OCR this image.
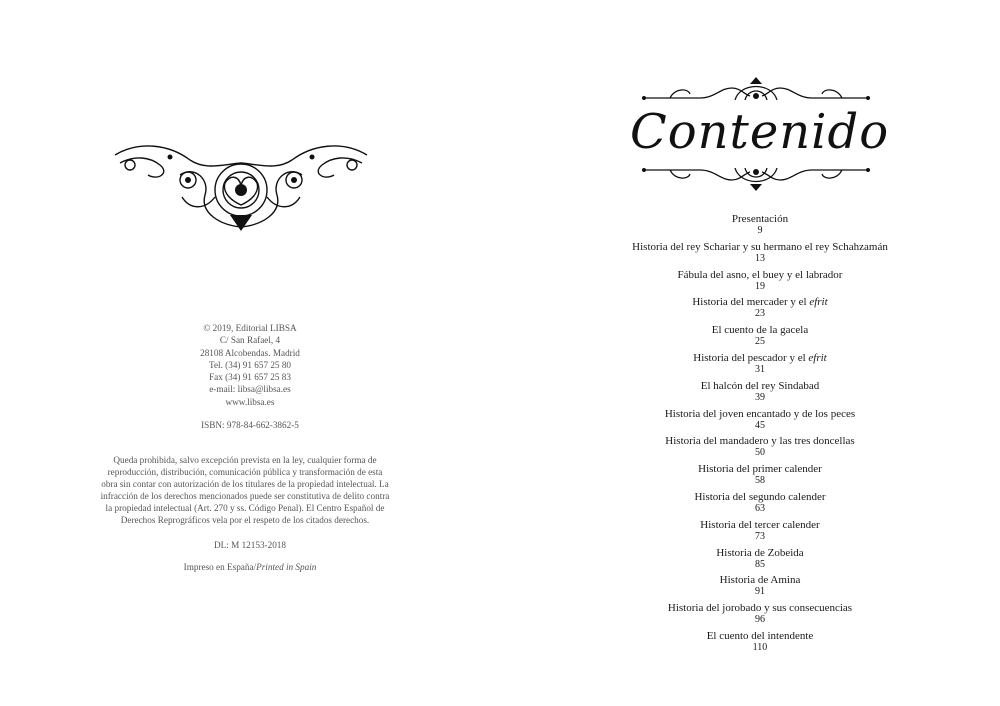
© 2019, Editorial LIBSA
C/ San Rafael, 4
28108 Alcobendas. Madrid
Tel. (34) 91 657 25 80
Fax (34) 91 657 25 83
e-mail: libsa@libsa.es
www.libsa.es
ISBN: 978-84-662-3862-5
Queda prohibida, salvo excepción prevista en la ley, cualquier forma de
reproducción, distribución, comunicación pública y transformación de esta
obra sin contar con autorización de los titulares de la propiedad intelectual. La
infracción de los derechos mencionados puede ser constitutiva de delito contra
la propiedad intelectual (Art. 270 y ss. Código Penal). El Centro Español de
Derechos Reprográficos vela por el respeto de los citados derechos.
DL: M 12153-2018
Impreso en España/Printed in Spain
Contenido
Presentación
9
Historia del rey Schariar y su hermano el rey Schahzamán
13
Fábula del asno, el buey y el labrador
19
Historia del mercader y el efrit
23
El cuento de la gacela
25
Historia del pescador y el efrit
31
El halcón del rey Sindabad
39
Historia del joven encantado y de los peces
45
Historia del mandadero y las tres doncellas
50
Historia del primer calender
58
Historia del segundo calender
63
Historia del tercer calender
73
Historia de Zobeida
85
Historia de Amina
91
Historia del jorobado y sus consecuencias
96
El cuento del intendente
110
